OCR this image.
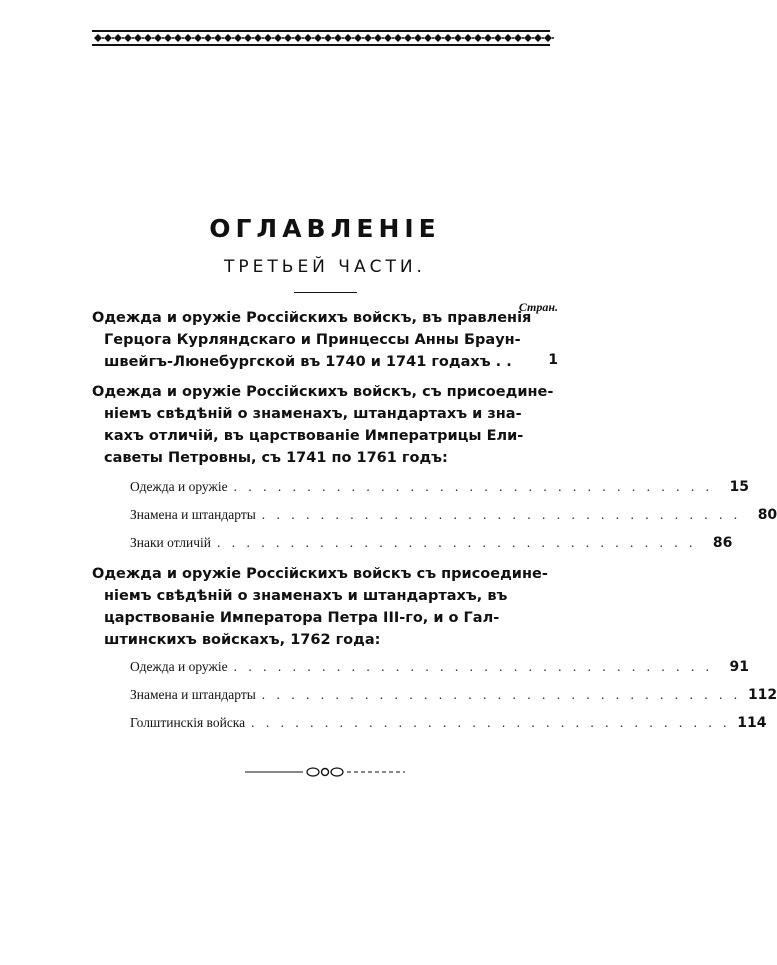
ОГЛАВЛЕНІЕ
ТРЕТЬЕЙ ЧАСТИ.
Стран.

Одежда и оружіе Россійскихъ войскъ, въ правленія

Герцога Курляндскаго и Принцессы Анны Браун-

швейгъ-Люнебургской въ 1740 и 1741 годахъ . .	1

Одежда и оружіе Россійскихъ войскъ, съ присоедине-

ніемъ свѣдѣній о знаменахъ, штандартахъ и зна-

кахъ отличій, въ царствованіе Императрицы Ели-

саветы Петровны, съ 1741 по 1761 годъ:

Одежда и оружіе . . . . . . . . . . . . . . . . . . . . . . . . . . . . . . . . .	15
Знамена и штандарты . . . . . . . . . . . . . . . . . . . . . . . . . . . . . . . . .	80
Знаки отличій . . . . . . . . . . . . . . . . . . . . . . . . . . . . . . . . .	86

Одежда и оружіе Россійскихъ войскъ съ присоедине-

ніемъ свѣдѣній о знаменахъ и штандартахъ, въ

царствованіе Императора Петра III-го, и о Гал-

штинскихъ войскахъ, 1762 года:

Одежда и оружіе . . . . . . . . . . . . . . . . . . . . . . . . . . . . . . . . .	91
Знамена и штандарты . . . . . . . . . . . . . . . . . . . . . . . . . . . . . . . . . 112
Голштинскія войска . . . . . . . . . . . . . . . . . . . . . . . . . . . . . . . . . 114
